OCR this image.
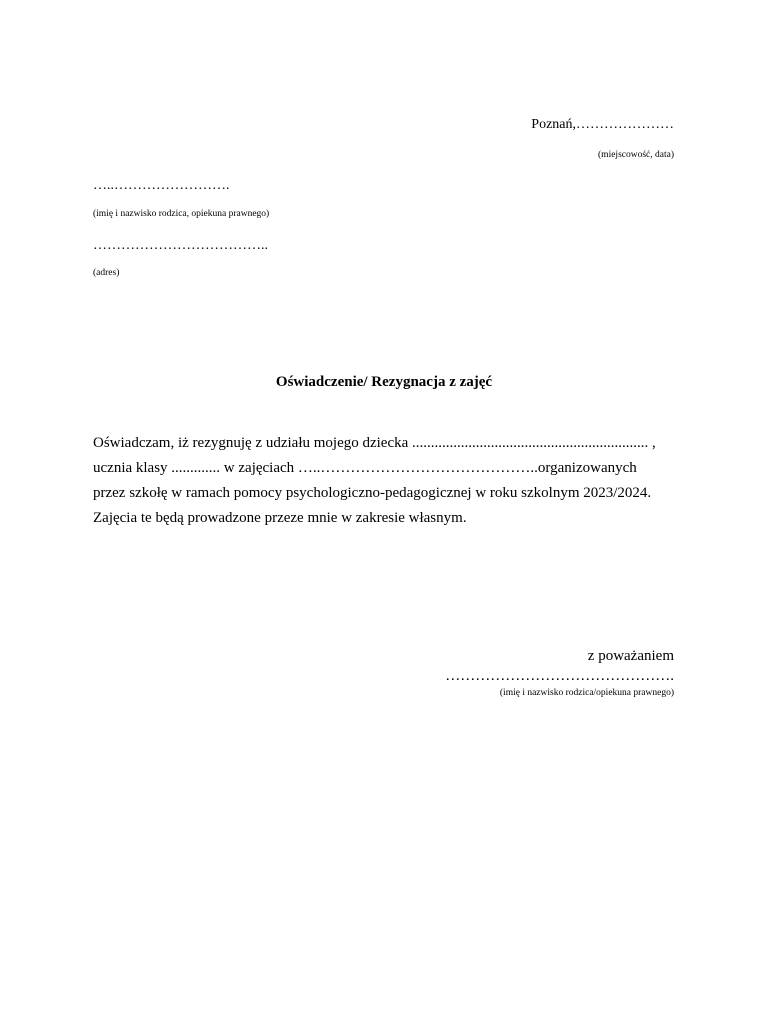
Poznań,…………………
(miejscowość, data)
…..…………………….
(imię i nazwisko rodzica, opiekuna prawnego)
………………………………..
(adres)
Oświadczenie/ Rezygnacja z zajęć
Oświadczam, iż rezygnuję z udziału mojego dziecka ............................................................... ,
ucznia klasy ............. w zajęciach …..……………………………………..organizowanych
przez szkołę w ramach pomocy psychologiczno-pedagogicznej w roku szkolnym 2023/2024.
Zajęcia te będą prowadzone przeze mnie w zakresie własnym.
z poważaniem
……………………………………….
(imię i nazwisko rodzica/opiekuna prawnego)
